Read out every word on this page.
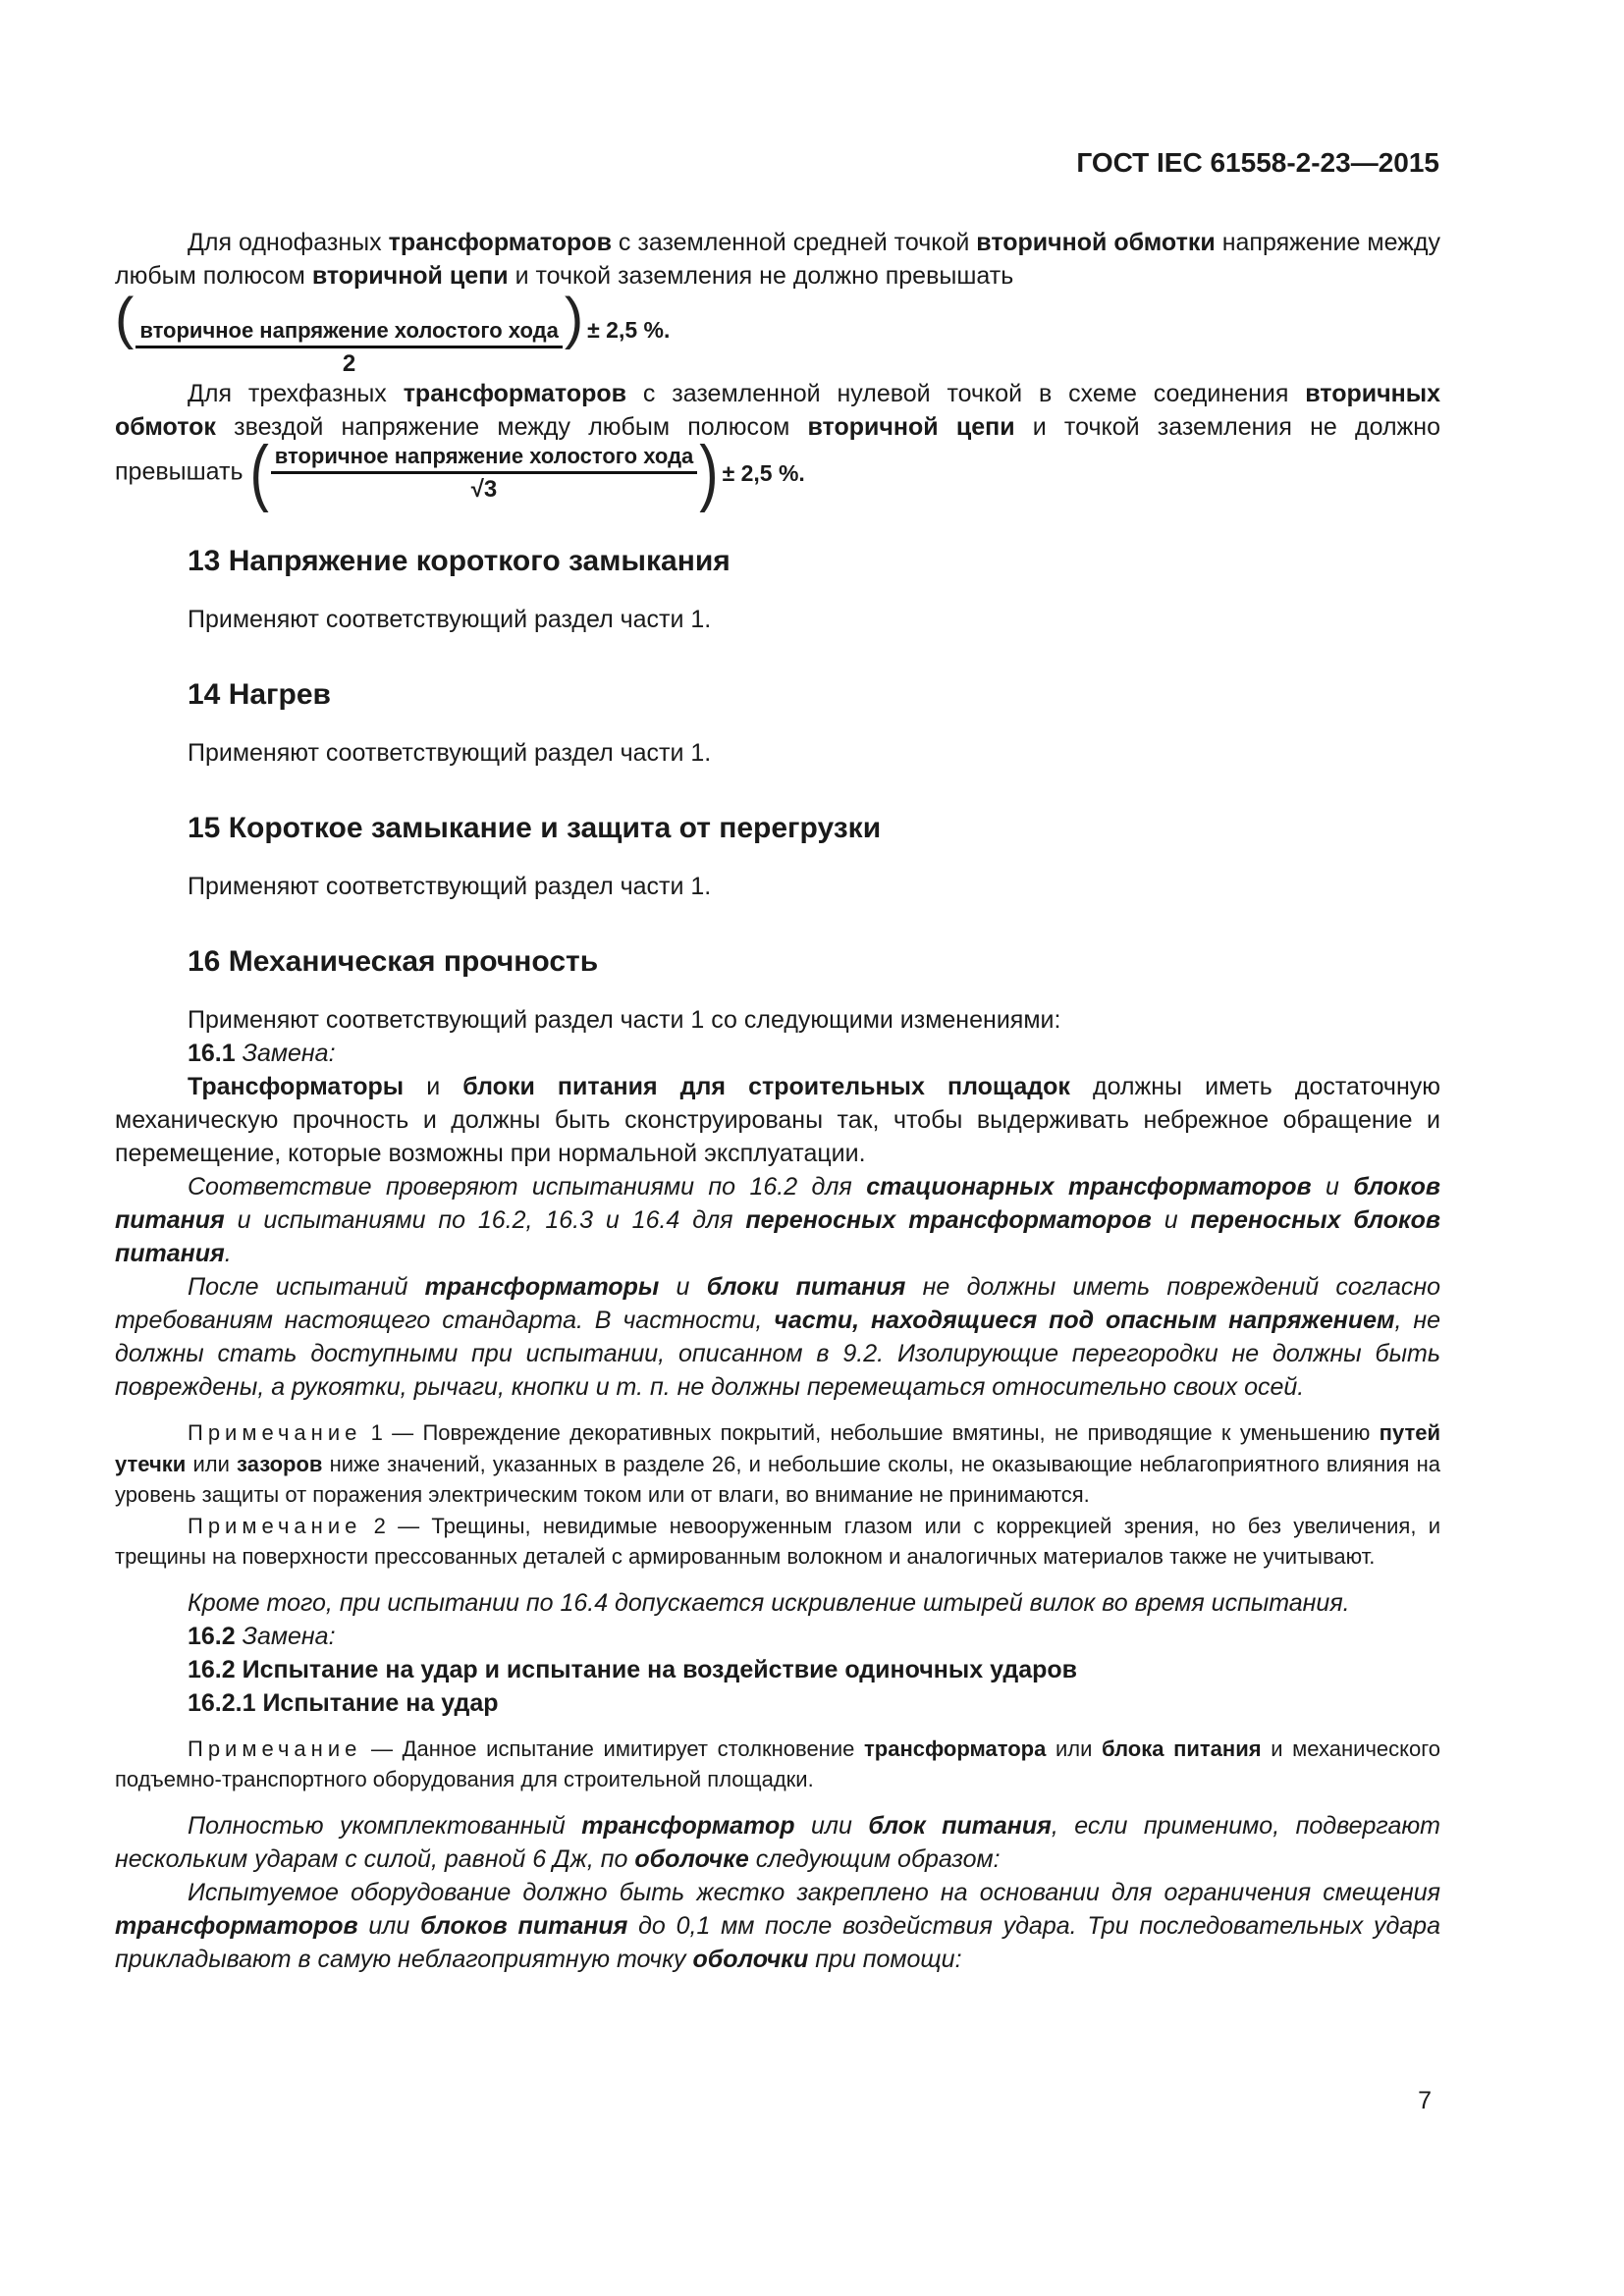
ГОСТ IEC 61558-2-23—2015

Для однофазных трансформаторов с заземленной средней точкой вторичной обмотки напряжение между любым полюсом вторичной цепи и точкой заземления не должно превышать
( $\frac{\text{вторичное напряжение холостого хода}}{2}$ ) ± 2,5 %.

Для трехфазных трансформаторов с заземленной нулевой точкой в схеме соединения вторичных обмоток звездой напряжение между любым полюсом вторичной цепи и точкой заземления не должно превышать ( $\frac{\text{вторичное напряжение холостого хода}}{√3}$ ) ± 2,5 %.

13 Напряжение короткого замыкания

Применяют соответствующий раздел части 1.

14 Нагрев

Применяют соответствующий раздел части 1.

15 Короткое замыкание и защита от перегрузки

Применяют соответствующий раздел части 1.

16 Механическая прочность

Применяют соответствующий раздел части 1 со следующими изменениями:

16.1 Замена:

Трансформаторы и блоки питания для строительных площадок должны иметь достаточную механическую прочность и должны быть сконструированы так, чтобы выдерживать небрежное обращение и перемещение, которые возможны при нормальной эксплуатации.

Соответствие проверяют испытаниями по 16.2 для стационарных трансформаторов и блоков питания и испытаниями по 16.2, 16.3 и 16.4 для переносных трансформаторов и переносных блоков питания.

После испытаний трансформаторы и блоки питания не должны иметь повреждений согласно требованиям настоящего стандарта. В частности, части, находящиеся под опасным напряжением, не должны стать доступными при испытании, описанном в 9.2. Изолирующие перегородки не должны быть повреждены, а рукоятки, рычаги, кнопки и т. п. не должны перемещаться относительно своих осей.

Примечание 1 — Повреждение декоративных покрытий, небольшие вмятины, не приводящие к уменьшению путей утечки или зазоров ниже значений, указанных в разделе 26, и небольшие сколы, не оказывающие неблагоприятного влияния на уровень защиты от поражения электрическим током или от влаги, во внимание не принимаются.

Примечание 2 — Трещины, невидимые невооруженным глазом или с коррекцией зрения, но без увеличения, и трещины на поверхности прессованных деталей с армированным волокном и аналогичных материалов также не учитывают.

Кроме того, при испытании по 16.4 допускается искривление штырей вилок во время испытания.

16.2 Замена:

16.2 Испытание на удар и испытание на воздействие одиночных ударов

16.2.1 Испытание на удар

Примечание — Данное испытание имитирует столкновение трансформатора или блока питания и механического подъемно-транспортного оборудования для строительной площадки.

Полностью укомплектованный трансформатор или блок питания, если применимо, подвергают нескольким ударам с силой, равной 6 Дж, по оболочке следующим образом:

Испытуемое оборудование должно быть жестко закреплено на основании для ограничения смещения трансформаторов или блоков питания до 0,1 мм после воздействия удара. Три последовательных удара прикладывают в самую неблагоприятную точку оболочки при помощи:

7
